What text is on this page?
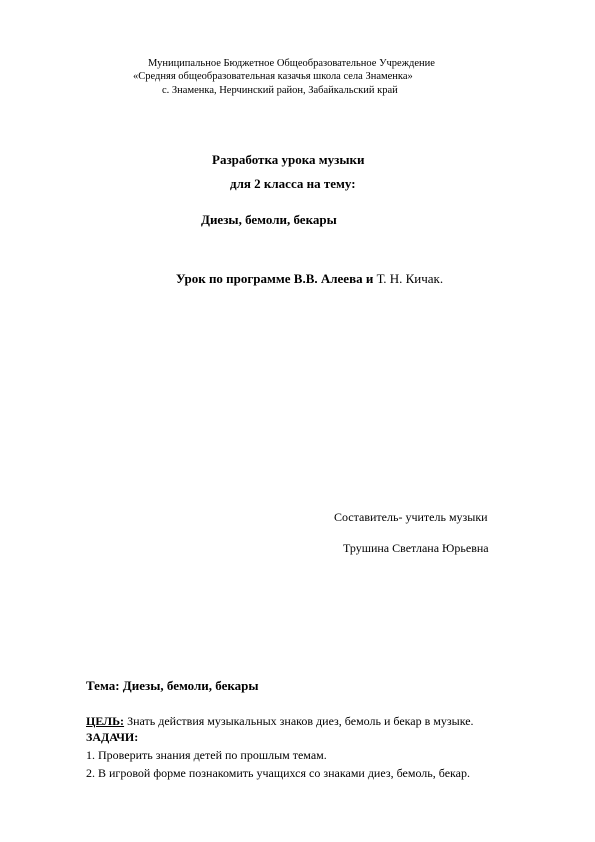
Муниципальное Бюджетное Общеобразовательное Учреждение
«Средняя общеобразовательная казачья школа села Знаменка»
с. Знаменка, Нерчинский район, Забайкальский край
Разработка урока музыки
для 2 класса на тему:
Диезы, бемоли, бекары
Урок по программе В.В. Алеева и Т. Н. Кичак.
Составитель- учитель музыки
Трушина Светлана Юрьевна
Тема: Диезы, бемоли, бекары
ЦЕЛЬ: Знать действия музыкальных знаков диез, бемоль и бекар в музыке.
ЗАДАЧИ:
1. Проверить знания детей по прошлым темам.
2. В игровой форме познакомить учащихся со знаками диез, бемоль, бекар.
